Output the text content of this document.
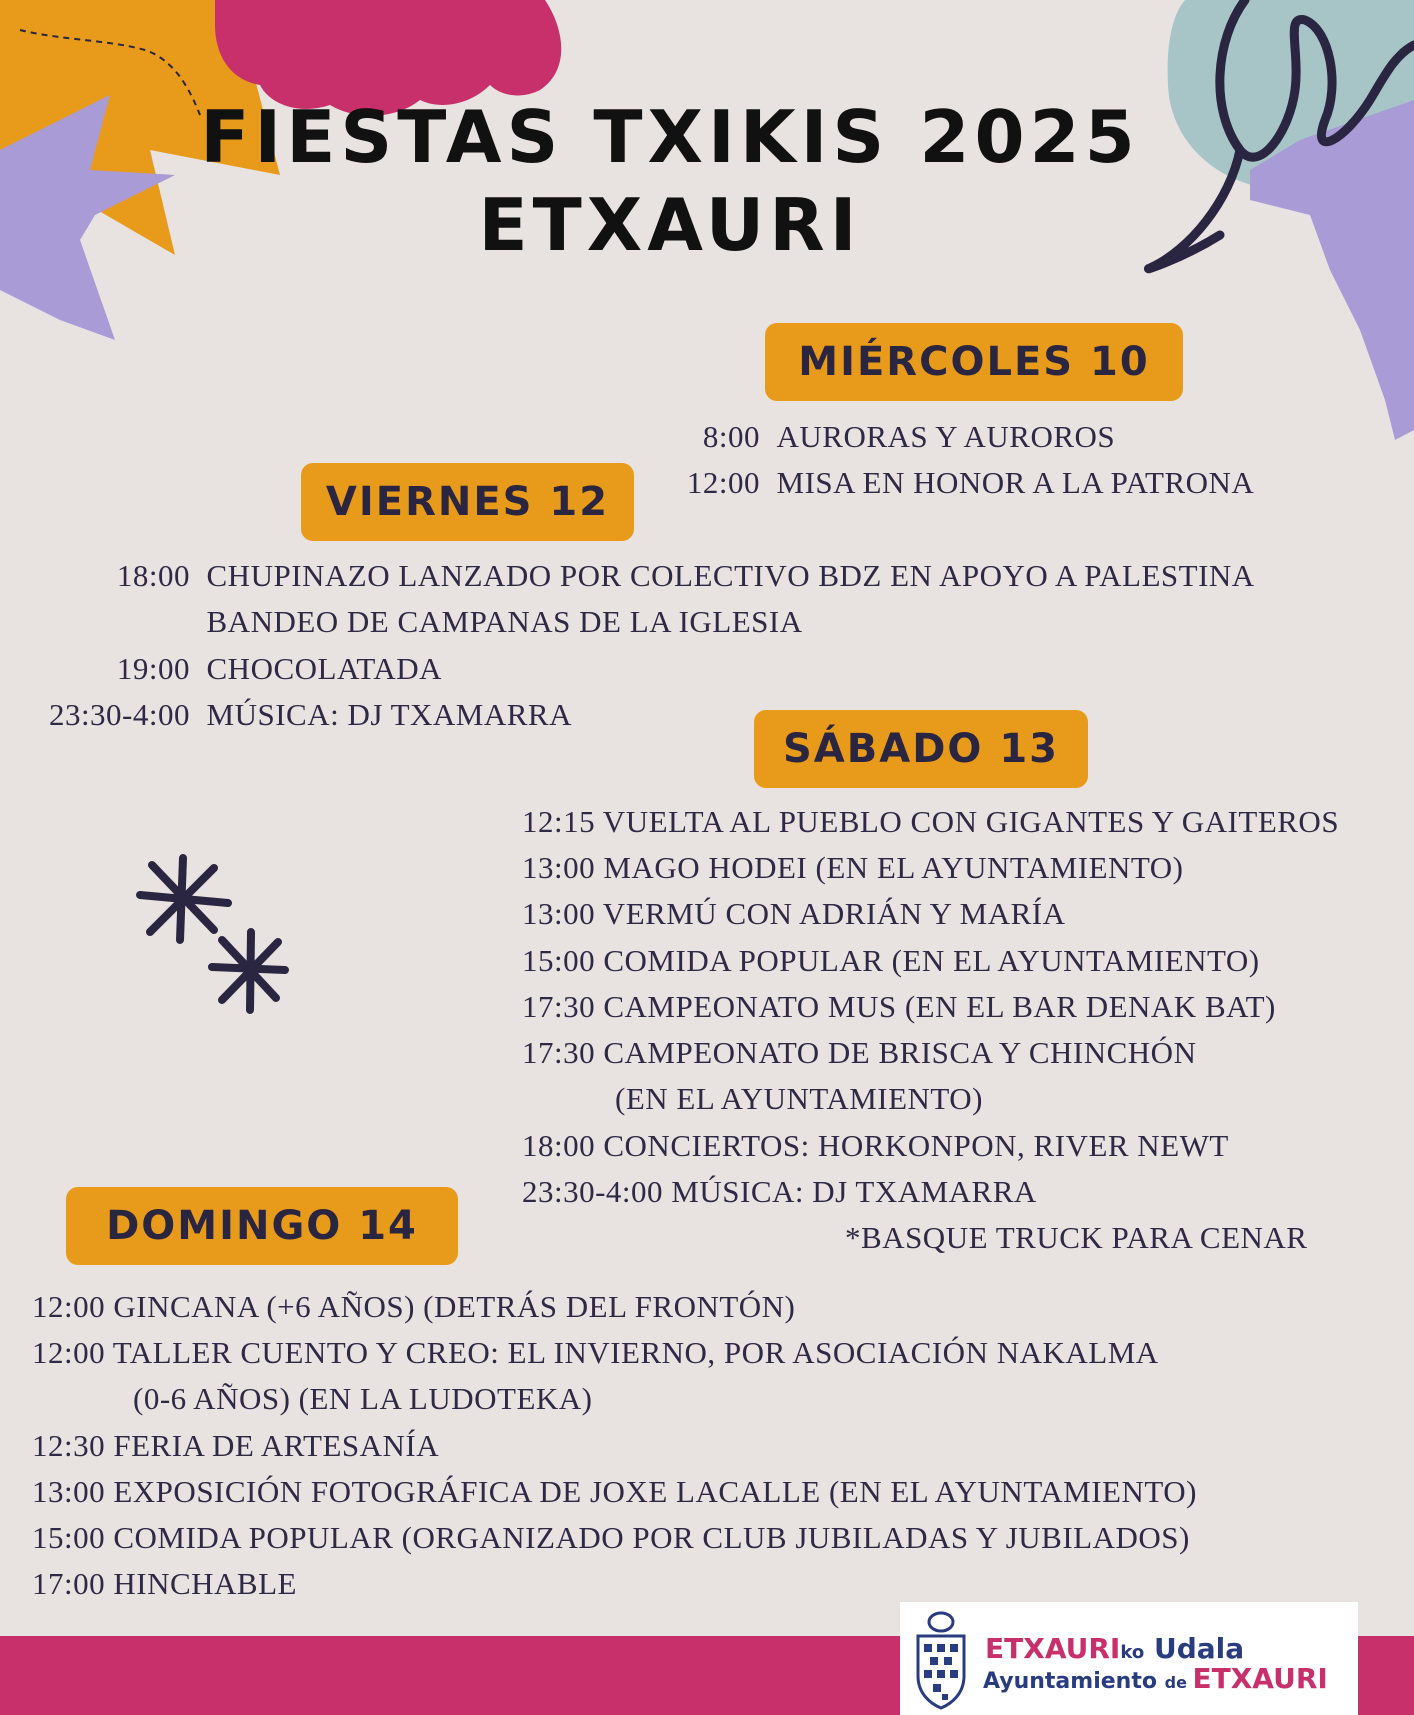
FIESTAS TXIKIS 2025
ETXAURI
MIÉRCOLES 10
8:00 AURORAS Y AUROROS
12:00 MISA EN HONOR A LA PATRONA
VIERNES 12
18:00 CHUPINAZO LANZADO POR COLECTIVO BDZ EN APOYO A PALESTINA
BANDEO DE CAMPANAS DE LA IGLESIA
19:00 CHOCOLATADA
23:30-4:00 MÚSICA: DJ TXAMARRA
SÁBADO 13
12:15 VUELTA AL PUEBLO CON GIGANTES Y GAITEROS
13:00 MAGO HODEI (EN EL AYUNTAMIENTO)
13:00 VERMÚ CON ADRIÁN Y MARÍA
15:00 COMIDA POPULAR (EN EL AYUNTAMIENTO)
17:30 CAMPEONATO MUS (EN EL BAR DENAK BAT)
17:30 CAMPEONATO DE BRISCA Y CHINCHÓN
(EN EL AYUNTAMIENTO)
18:00 CONCIERTOS: HORKONPON, RIVER NEWT
23:30-4:00 MÚSICA: DJ TXAMARRA
*BASQUE TRUCK PARA CENAR
DOMINGO 14
12:00 GINCANA (+6 AÑOS) (DETRÁS DEL FRONTÓN)
12:00 TALLER CUENTO Y CREO: EL INVIERNO, POR ASOCIACIÓN NAKALMA
(0-6 AÑOS) (EN LA LUDOTEKA)
12:30 FERIA DE ARTESANÍA
13:00 EXPOSICIÓN FOTOGRÁFICA DE JOXE LACALLE (EN EL AYUNTAMIENTO)
15:00 COMIDA POPULAR (ORGANIZADO POR CLUB JUBILADAS Y JUBILADOS)
17:00 HINCHABLE
ETXAURIko Udala
Ayuntamiento de ETXAURI
